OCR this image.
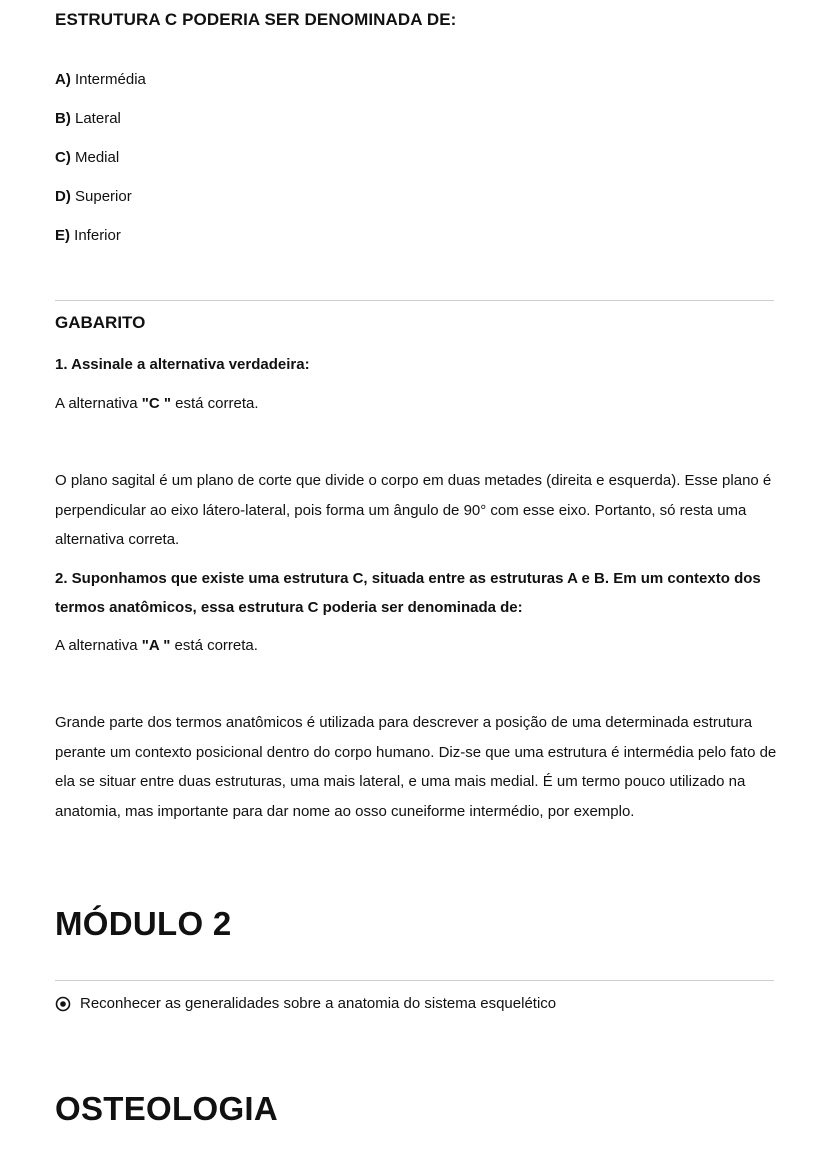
ESTRUTURA C PODERIA SER DENOMINADA DE:
A) Intermédia
B) Lateral
C) Medial
D) Superior
E) Inferior
GABARITO
1. Assinale a alternativa verdadeira:
A alternativa "C " está correta.

O plano sagital é um plano de corte que divide o corpo em duas metades (direita e esquerda). Esse plano é perpendicular ao eixo látero-lateral, pois forma um ângulo de 90° com esse eixo. Portanto, só resta uma alternativa correta.

2. Suponhamos que existe uma estrutura C, situada entre as estruturas A e B. Em um contexto dos termos anatômicos, essa estrutura C poderia ser denominada de:
A alternativa "A " está correta.

Grande parte dos termos anatômicos é utilizada para descrever a posição de uma determinada estrutura perante um contexto posicional dentro do corpo humano. Diz-se que uma estrutura é intermédia pelo fato de ela se situar entre duas estruturas, uma mais lateral, e uma mais medial. É um termo pouco utilizado na anatomia, mas importante para dar nome ao osso cuneiforme intermédio, por exemplo.

MÓDULO 2
Reconhecer as generalidades sobre a anatomia do sistema esquelético
OSTEOLOGIA
